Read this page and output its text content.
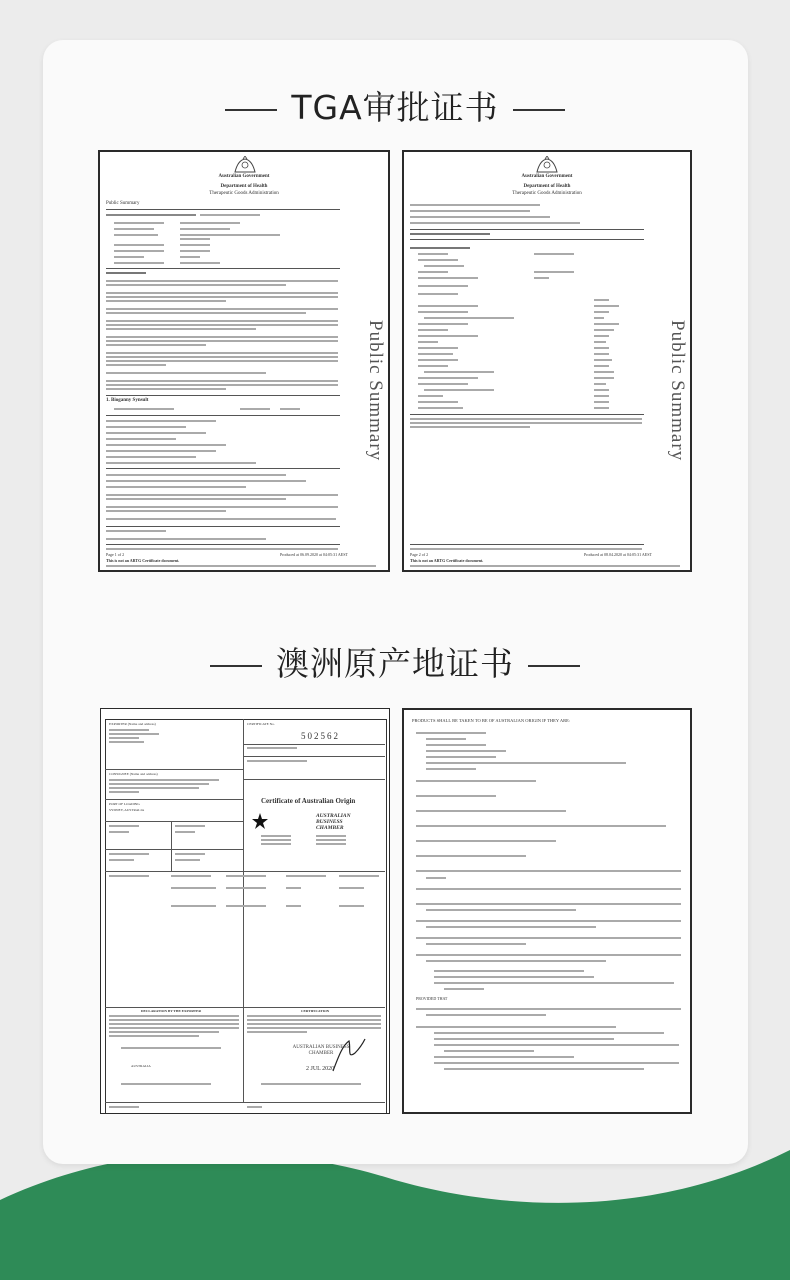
TGA审批证书
Australian Government
Department of Health
Therapeutic Goods Administration
Public Summary
1. Bioganny Synsult
Page 1 of 2	Produced at 06.09.2020 at 04:05:31 AEST
This is not an ARTG Certificate document.
Public Summary
Australian Government
Department of Health
Therapeutic Goods Administration
Page 2 of 2	Produced at 08.04.2020 at 04:05:31 AEST
This is not an ARTG Certificate document.
Public Summary
澳洲原产地证书
EXPORTER (Name and address)	CERTIFICATE No.
502562
CONSIGNEE (Name and address)
Certificate of Australian Origin
AUSTRALIAN BUSINESS CHAMBER
PORT OF LOADING
SYDNEY, AUSTRALIA
DECLARATION BY THE EXPORTER
AUSTRALIA
CERTIFICATION
AUSTRALIAN BUSINESS CHAMBER
2 JUL 2020
PRODUCTS SHALL BE TAKEN TO BE OF AUSTRALIAN ORIGIN IF THEY ARE:
PROVIDED THAT
